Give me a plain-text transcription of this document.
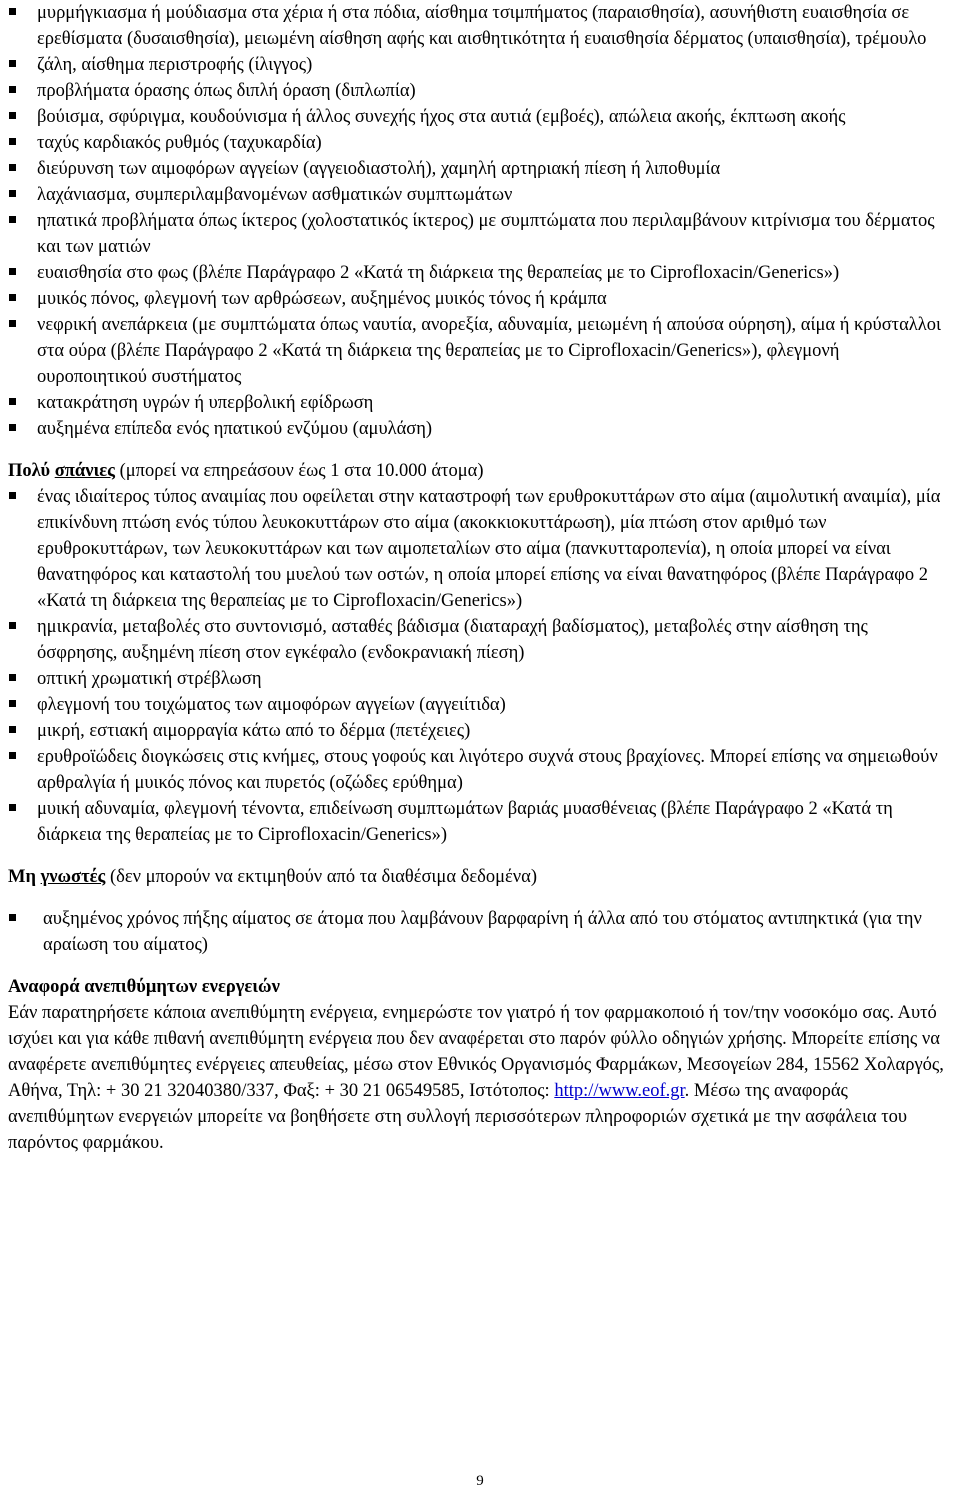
μυρμήγκιασμα ή μούδιασμα στα χέρια ή στα πόδια, αίσθημα τσιμπήματος (παραισθησία), ασυνήθιστη ευαισθησία σε ερεθίσματα (δυσαισθησία), μειωμένη αίσθηση αφής και αισθητικότητα ή ευαισθησία δέρματος (υπαισθησία), τρέμουλο
ζάλη, αίσθημα περιστροφής (ίλιγγος)
προβλήματα όρασης όπως διπλή όραση (διπλωπία)
βούισμα, σφύριγμα, κουδούνισμα ή άλλος συνεχής ήχος στα αυτιά (εμβοές), απώλεια ακοής, έκπτωση ακοής
ταχύς καρδιακός ρυθμός (ταχυκαρδία)
διεύρυνση των αιμοφόρων αγγείων (αγγειοδιαστολή), χαμηλή αρτηριακή πίεση ή λιποθυμία
λαχάνιασμα, συμπεριλαμβανομένων ασθματικών συμπτωμάτων
ηπατικά προβλήματα όπως ίκτερος (χολοστατικός ίκτερος) με συμπτώματα που περιλαμβάνουν κιτρίνισμα του δέρματος και των ματιών
ευαισθησία στο φως (βλέπε Παράγραφο 2 «Κατά τη διάρκεια της θεραπείας με το Ciprofloxacin/Generics»)
μυικός πόνος, φλεγμονή των αρθρώσεων, αυξημένος μυικός τόνος ή κράμπα
νεφρική ανεπάρκεια (με συμπτώματα όπως ναυτία, ανορεξία, αδυναμία, μειωμένη ή απούσα ούρηση), αίμα ή κρύσταλλοι στα ούρα (βλέπε Παράγραφο 2 «Κατά τη διάρκεια της θεραπείας με το Ciprofloxacin/Generics»), φλεγμονή ουροποιητικού συστήματος
κατακράτηση υγρών ή υπερβολική εφίδρωση
αυξημένα επίπεδα ενός ηπατικού ενζύμου (αμυλάση)
Πολύ σπάνιες (μπορεί να επηρεάσουν έως 1 στα 10.000 άτομα)
ένας ιδιαίτερος τύπος αναιμίας που οφείλεται στην καταστροφή των ερυθροκυττάρων στο αίμα (αιμολυτική αναιμία), μία επικίνδυνη πτώση ενός τύπου λευκοκυττάρων στο αίμα (ακοκκιοκυττάρωση), μία πτώση στον αριθμό των ερυθροκυττάρων, των λευκοκυττάρων και των αιμοπεταλίων στο αίμα (πανκυτταροπενία), η οποία μπορεί να είναι θανατηφόρος και καταστολή του μυελού των οστών, η οποία μπορεί επίσης να είναι θανατηφόρος (βλέπε Παράγραφο 2 «Κατά τη διάρκεια της θεραπείας με το Ciprofloxacin/Generics»)
ημικρανία, μεταβολές στο συντονισμό, ασταθές βάδισμα (διαταραχή βαδίσματος), μεταβολές στην αίσθηση της όσφρησης, αυξημένη πίεση στον εγκέφαλο (ενδοκρανιακή πίεση)
οπτική χρωματική στρέβλωση
φλεγμονή του τοιχώματος των αιμοφόρων αγγείων (αγγειίτιδα)
μικρή, εστιακή αιμορραγία κάτω από το δέρμα (πετέχειες)
ερυθροϊώδεις διογκώσεις στις κνήμες, στους γοφούς και λιγότερο συχνά στους βραχίονες. Μπορεί επίσης να σημειωθούν αρθραλγία ή μυικός πόνος και πυρετός (οζώδες ερύθημα)
μυική αδυναμία, φλεγμονή τένοντα, επιδείνωση συμπτωμάτων βαριάς μυασθένειας (βλέπε Παράγραφο 2 «Κατά τη διάρκεια της θεραπείας με το Ciprofloxacin/Generics»)
Μη γνωστές (δεν μπορούν να εκτιμηθούν από τα διαθέσιμα δεδομένα)
αυξημένος χρόνος πήξης αίματος σε άτομα που λαμβάνουν βαρφαρίνη ή άλλα από του στόματος αντιπηκτικά (για την αραίωση του αίματος)

Αναφορά ανεπιθύμητων ενεργειών

Εάν παρατηρήσετε κάποια ανεπιθύμητη ενέργεια, ενημερώστε τον γιατρό ή τον φαρμακοποιό ή τον/την νοσοκόμο σας. Αυτό ισχύει και για κάθε πιθανή ανεπιθύμητη ενέργεια που δεν αναφέρεται στο παρόν φύλλο οδηγιών χρήσης. Μπορείτε επίσης να αναφέρετε ανεπιθύμητες ενέργειες απευθείας, μέσω στον Εθνικός Οργανισμός Φαρμάκων, Μεσογείων 284, 15562 Χολαργός, Αθήνα, Τηλ: + 30 21 32040380/337, Φαξ: + 30 21 06549585, Ιστότοπος: http://www.eof.gr. Μέσω της αναφοράς ανεπιθύμητων ενεργειών μπορείτε να βοηθήσετε στη συλλογή περισσότερων πληροφοριών σχετικά με την ασφάλεια του παρόντος φαρμάκου.

9
